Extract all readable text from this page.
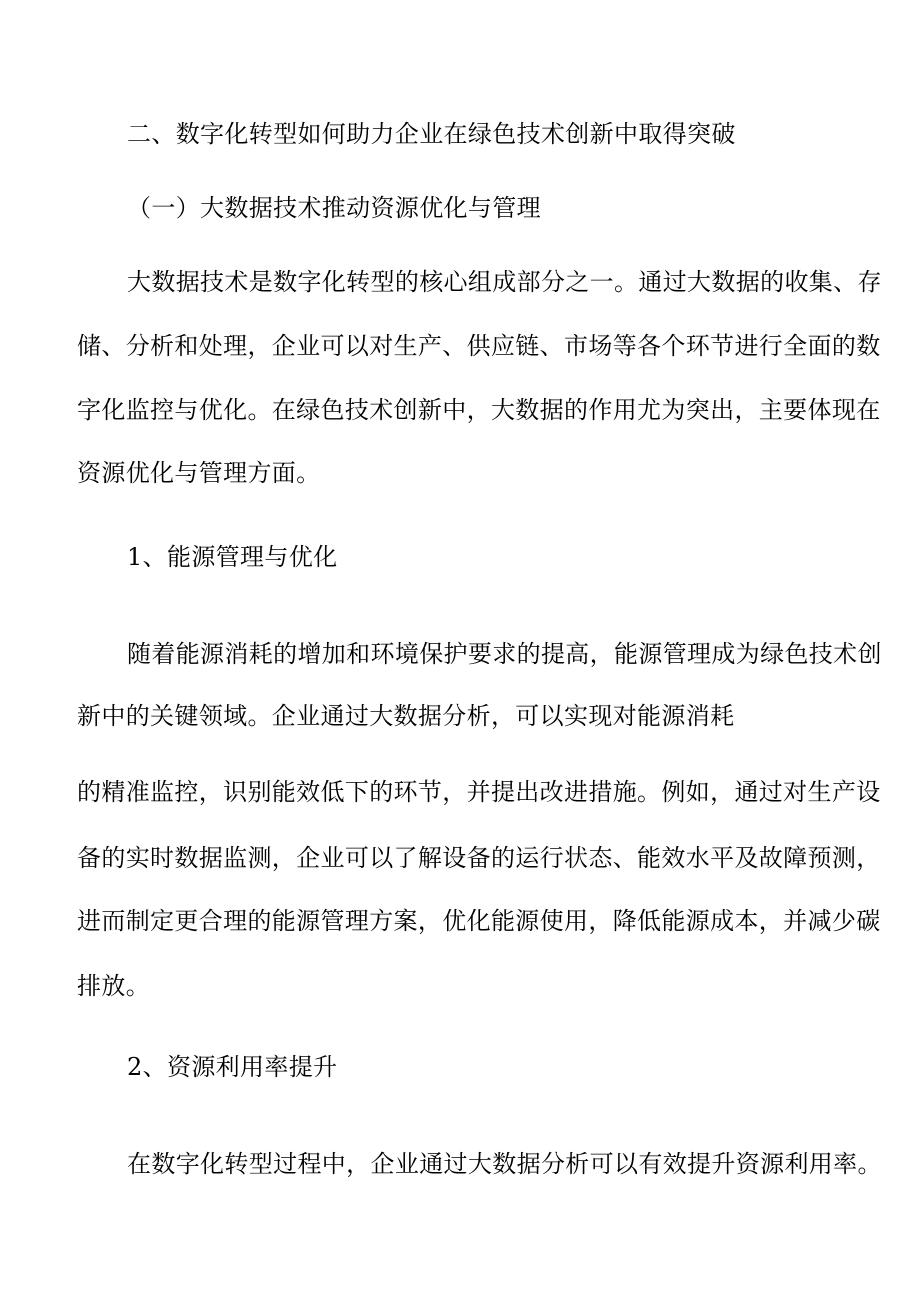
二、数字化转型如何助力企业在绿色技术创新中取得突破
（一）大数据技术推动资源优化与管理
大数据技术是数字化转型的核心组成部分之一。通过大数据的收集、存
储、分析和处理，企业可以对生产、供应链、市场等各个环节进行全面的数
字化监控与优化。在绿色技术创新中，大数据的作用尤为突出，主要体现在
资源优化与管理方面。
1、能源管理与优化
随着能源消耗的增加和环境保护要求的提高，能源管理成为绿色技术创
新中的关键领域。企业通过大数据分析，可以实现对能源消耗
的精准监控，识别能效低下的环节，并提出改进措施。例如，通过对生产设
备的实时数据监测，企业可以了解设备的运行状态、能效水平及故障预测，
进而制定更合理的能源管理方案，优化能源使用，降低能源成本，并减少碳
排放。
2、资源利用率提升
在数字化转型过程中，企业通过大数据分析可以有效提升资源利用率。
